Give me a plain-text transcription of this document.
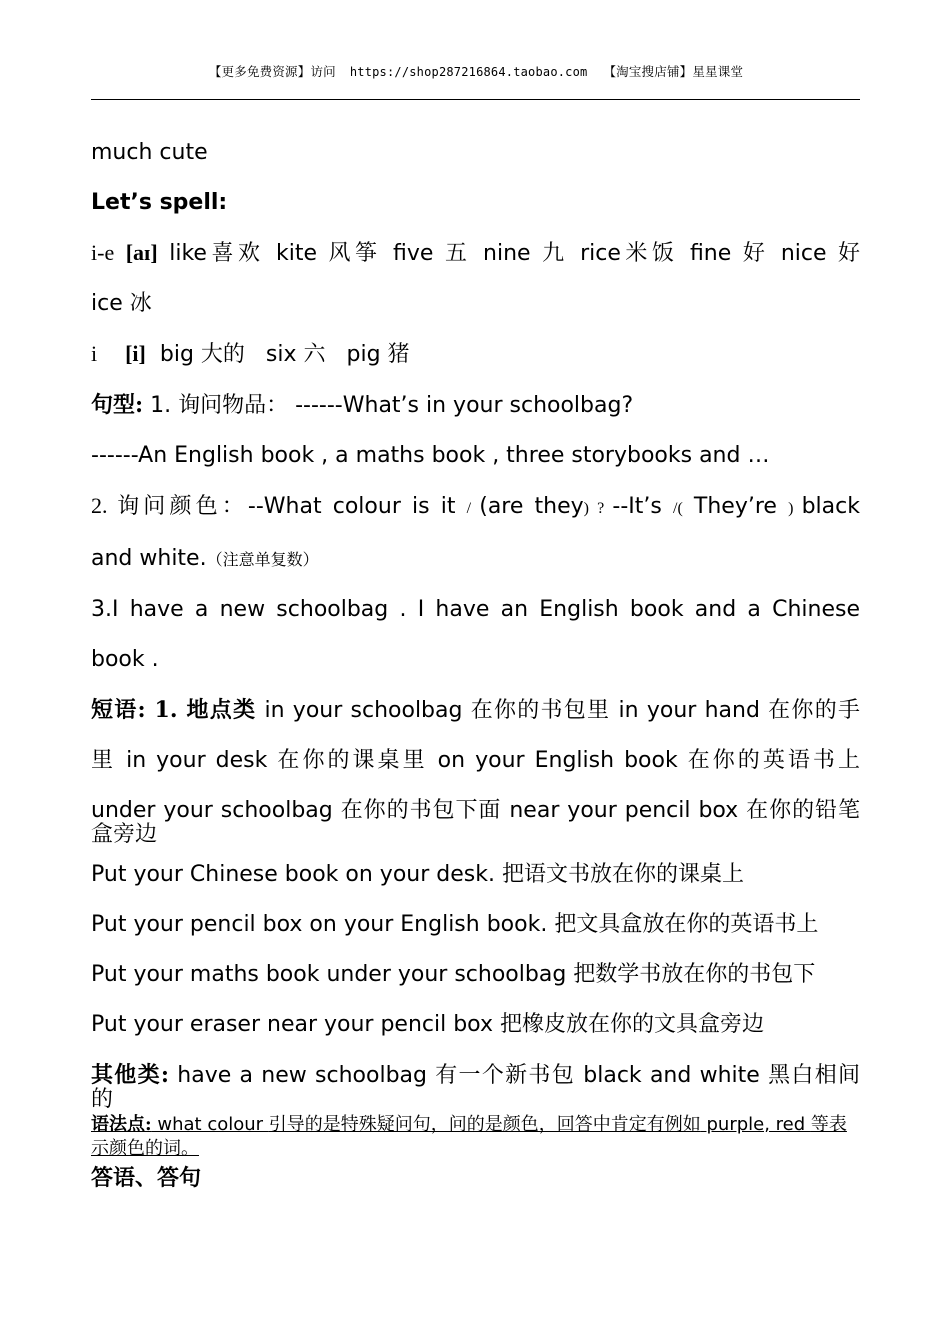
【更多免费资源】访问 https://shop287216864.taobao.com 【淘宝搜店铺】星星课堂

much cute

Let’s spell:

i-e [aɪ] like喜欢 kite 风筝 five 五 nine 九 rice米饭 fine 好 nice 好

ice 冰

i [i] big 大的 six 六 pig 猪

句型: 1. 询问物品： ------What’s in your schoolbag?

------An English book , a maths book , three storybooks and …

2. 询问颜色：--What colour is it / (are they) ? --It’s /( They’re ) black

and white.（注意单复数）

3.I have a new schoolbag . I have an English book and a Chinese

book .

短语: 1. 地点类 in your schoolbag 在你的书包里 in your hand 在你的手

里 in your desk 在你的课桌里 on your English book 在你的英语书上

under your schoolbag 在你的书包下面 near your pencil box 在你的铅笔

盒旁边

Put your Chinese book on your desk. 把语文书放在你的课桌上

Put your pencil box on your English book. 把文具盒放在你的英语书上

Put your maths book under your schoolbag 把数学书放在你的书包下

Put your eraser near your pencil box 把橡皮放在你的文具盒旁边

其他类: have a new schoolbag 有一个新书包 black and white 黑白相间

的

语法点: what colour 引导的是特殊疑问句，问的是颜色，回答中肯定有例如 purple, red 等表示颜色的词。

答语、答句
